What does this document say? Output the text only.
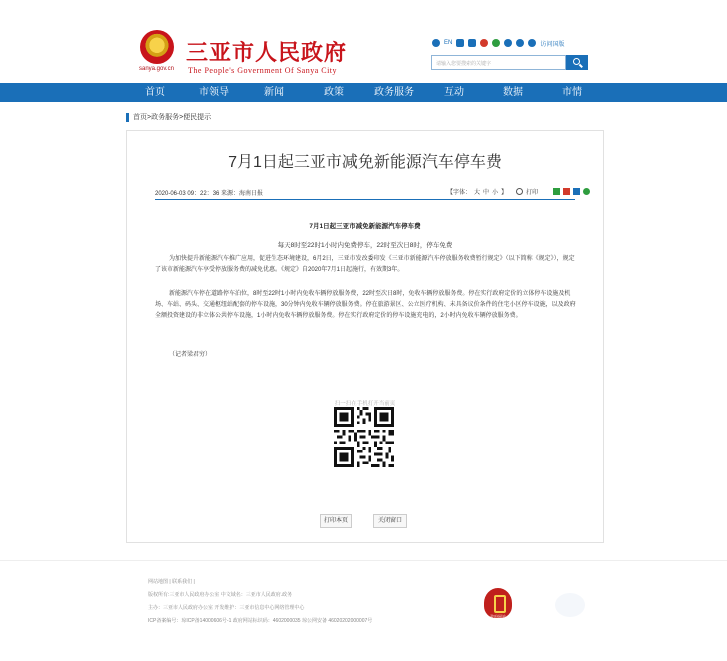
sanya.gov.cn
三亚市人民政府
The People's Government Of Sanya City
EN	访问国版
请输入您要搜索的关键字
首页	市领导	新闻	政策	政务服务	互动	数据	市情
首页>政务服务>便民提示
7月1日起三亚市减免新能源汽车停车费
2020-06-03 09：22：36 来源：海南日报	【字体： 大 中 小 】	打印
7月1日起三亚市减免新能源汽车停车费
每天8时至22时1小时内免费停车，22时至次日8时，停车免费

为加快提升新能源汽车推广应用，促进生态环境建设，6月2日，三亚市发改委印发《三亚市新能源汽车停放服务收费暂行规定》（以下简称《规定》），规定了该市新能源汽车享受停放服务费的减免优惠。《规定》自2020年7月1日起施行，有效期3年。

新能源汽车停在道路停车泊位，8时至22时1小时内免收车辆停放服务费，22时至次日8时，免收车辆停放服务费。停在实行政府定价的立体停车设施及机场、车站、码头、交通枢纽站配套的停车设施，30分钟内免收车辆停放服务费。停在旅游景区、公立医疗机构、未具备议价条件的住宅小区停车设施，以及政府全额投资建设的非立体公共停车设施，1小时内免收车辆停放服务费。停在实行政府定价的停车设施充电的，2小时内免收车辆停放服务费。

（记者梁君穷）
扫一扫在手机打开当前页
打印本页	关闭窗口
网站地图 | 联系我们 |
版权所有:三亚市人民政府办公室 中文域名：三亚市人民政府.政务
主办：三亚市人民政府办公室 开发维护：三亚市信息中心网络管理中心
ICP备案编号：琼ICP备14000606号-1 政府网站标识码：4602000035 琼公网安备 46020202000007号
政府网站
